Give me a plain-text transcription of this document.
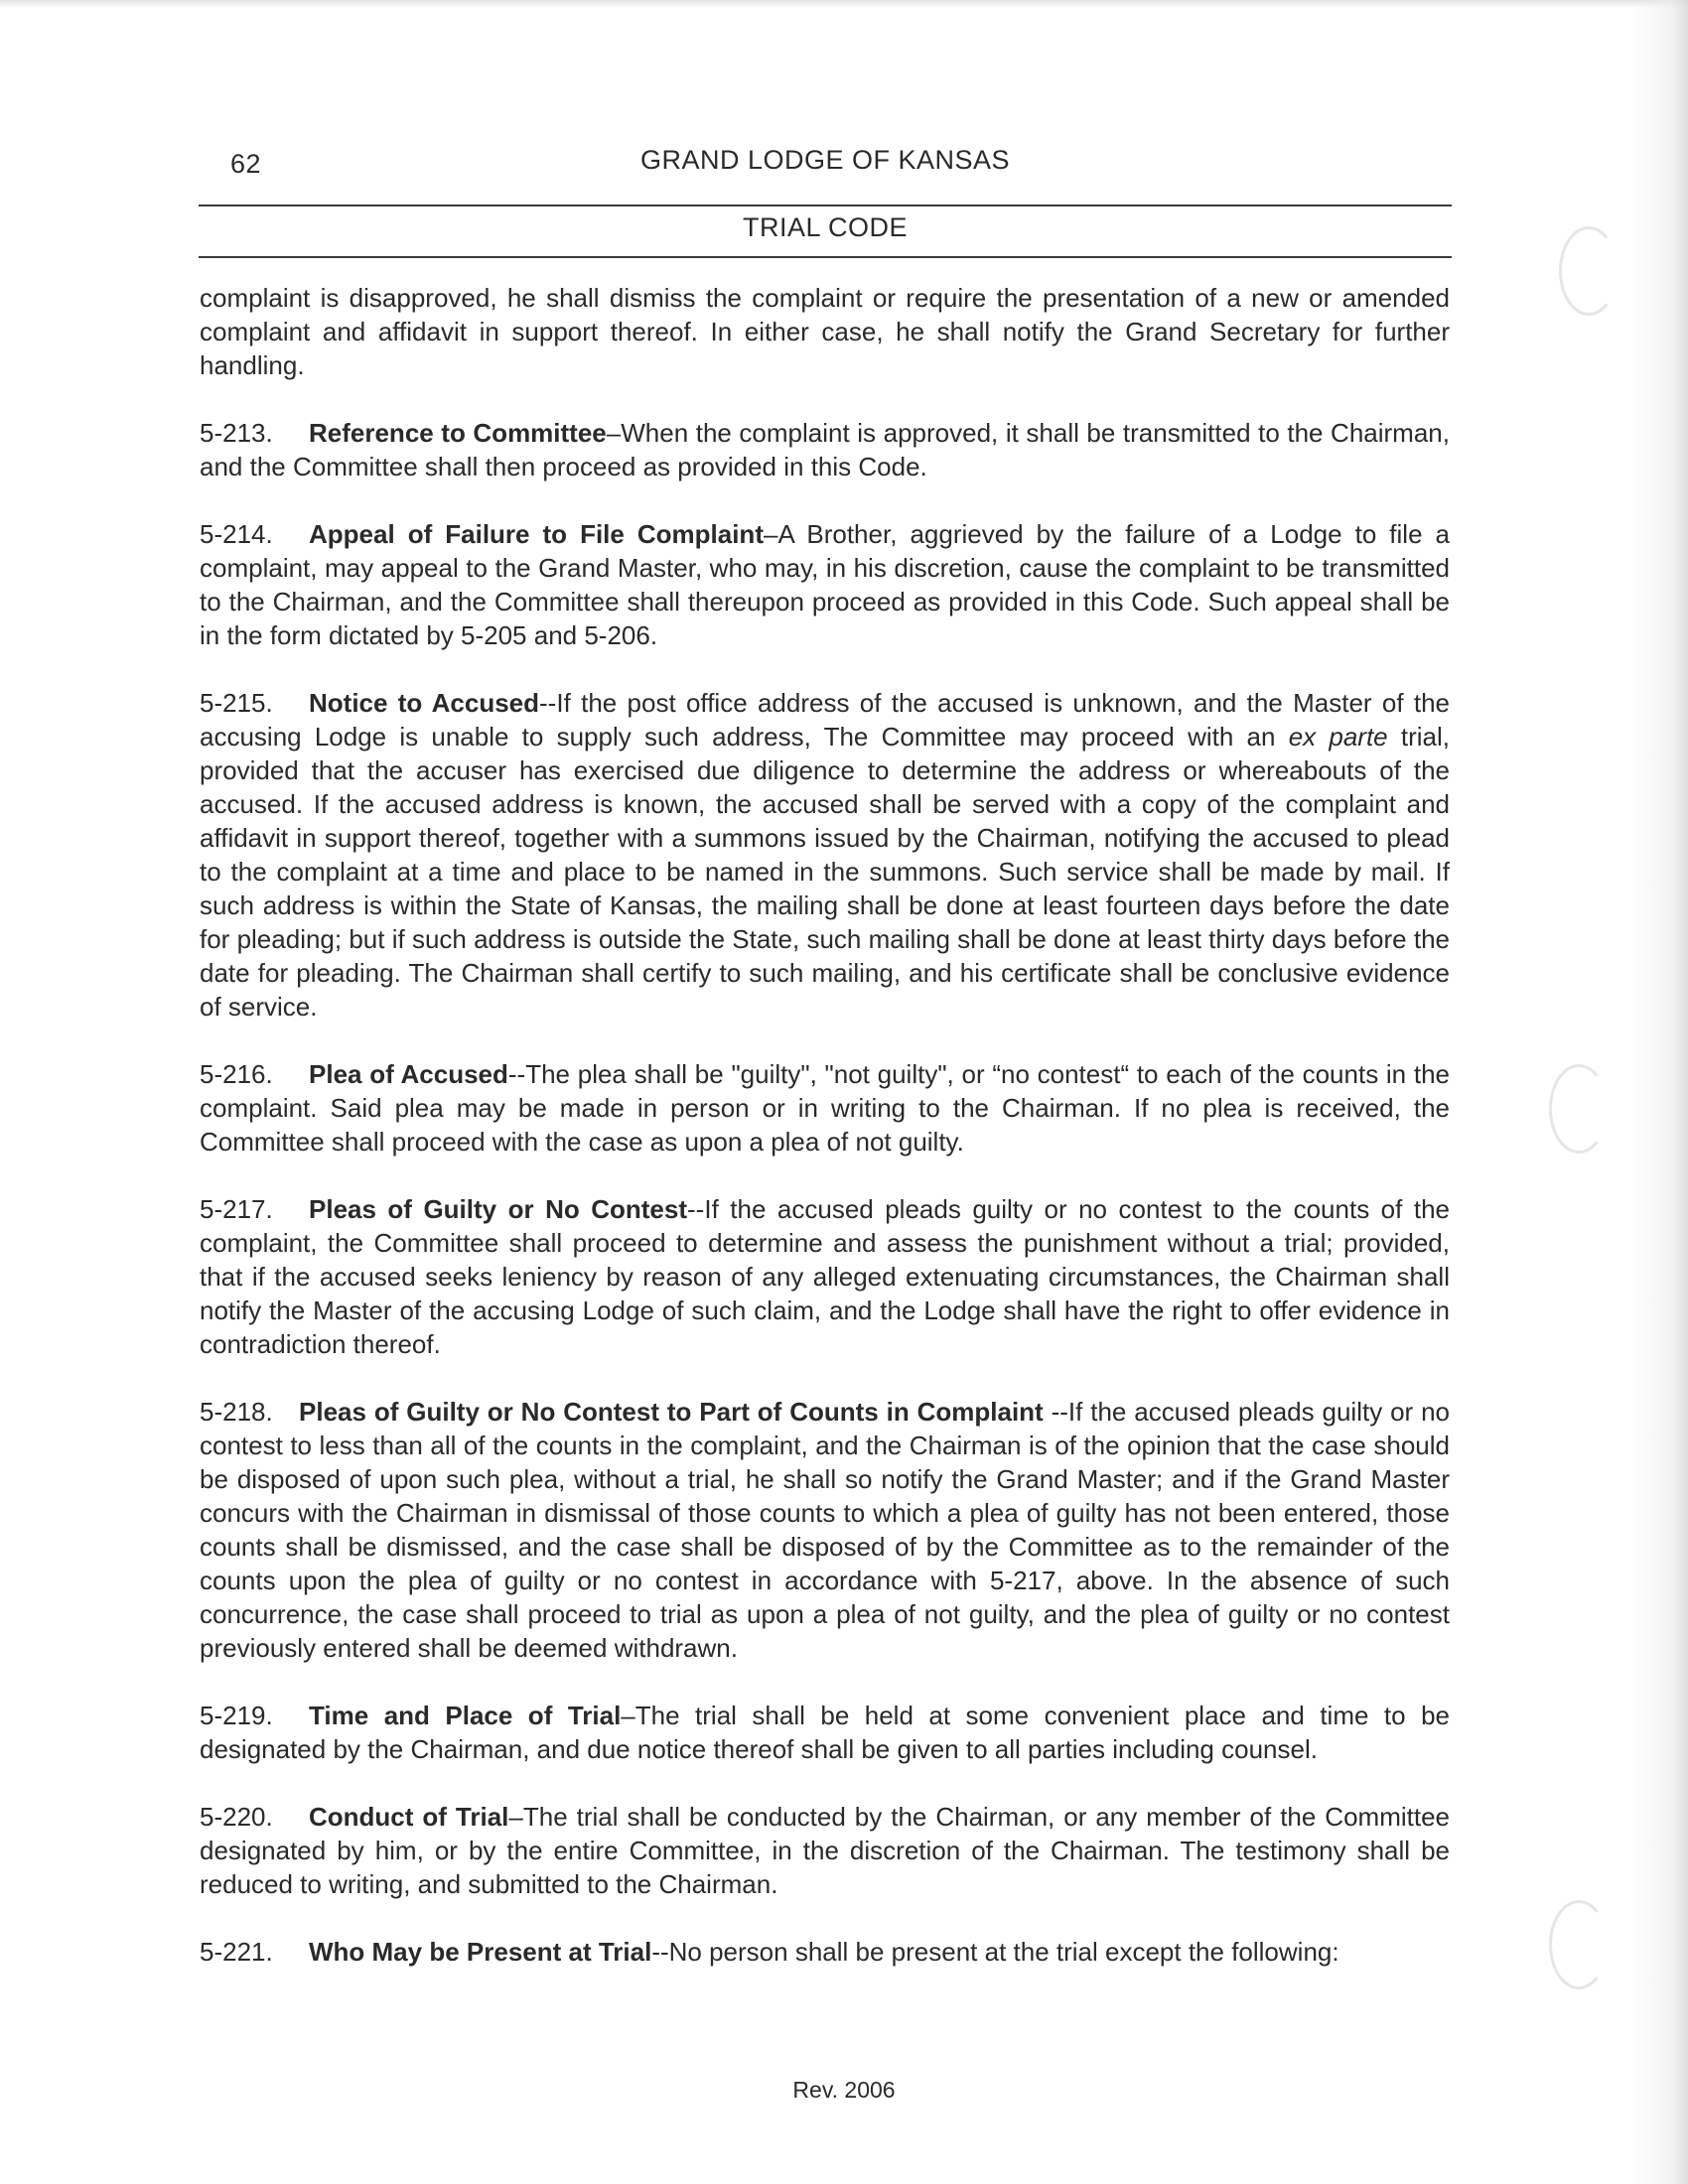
62	GRAND LODGE OF KANSAS
TRIAL CODE

complaint is disapproved, he shall dismiss the complaint or require the presentation of a new or amended complaint and affidavit in support thereof. In either case, he shall notify the Grand Secretary for further handling.

5-213. Reference to Committee–When the complaint is approved, it shall be transmitted to the Chairman, and the Committee shall then proceed as provided in this Code.

5-214. Appeal of Failure to File Complaint–A Brother, aggrieved by the failure of a Lodge to file a complaint, may appeal to the Grand Master, who may, in his discretion, cause the complaint to be transmitted to the Chairman, and the Committee shall thereupon proceed as provided in this Code. Such appeal shall be in the form dictated by 5-205 and 5-206.

5-215. Notice to Accused--If the post office address of the accused is unknown, and the Master of the accusing Lodge is unable to supply such address, The Committee may proceed with an ex parte trial, provided that the accuser has exercised due diligence to determine the address or whereabouts of the accused. If the accused address is known, the accused shall be served with a copy of the complaint and affidavit in support thereof, together with a summons issued by the Chairman, notifying the accused to plead to the complaint at a time and place to be named in the summons. Such service shall be made by mail. If such address is within the State of Kansas, the mailing shall be done at least fourteen days before the date for pleading; but if such address is outside the State, such mailing shall be done at least thirty days before the date for pleading. The Chairman shall certify to such mailing, and his certificate shall be conclusive evidence of service.

5-216. Plea of Accused--The plea shall be "guilty", "not guilty", or “no contest“ to each of the counts in the complaint. Said plea may be made in person or in writing to the Chairman. If no plea is received, the Committee shall proceed with the case as upon a plea of not guilty.

5-217. Pleas of Guilty or No Contest--If the accused pleads guilty or no contest to the counts of the complaint, the Committee shall proceed to determine and assess the punishment without a trial; provided, that if the accused seeks leniency by reason of any alleged extenuating circumstances, the Chairman shall notify the Master of the accusing Lodge of such claim, and the Lodge shall have the right to offer evidence in contradiction thereof.

5-218. Pleas of Guilty or No Contest to Part of Counts in Complaint --If the accused pleads guilty or no contest to less than all of the counts in the complaint, and the Chairman is of the opinion that the case should be disposed of upon such plea, without a trial, he shall so notify the Grand Master; and if the Grand Master concurs with the Chairman in dismissal of those counts to which a plea of guilty has not been entered, those counts shall be dismissed, and the case shall be disposed of by the Committee as to the remainder of the counts upon the plea of guilty or no contest in accordance with 5-217, above. In the absence of such concurrence, the case shall proceed to trial as upon a plea of not guilty, and the plea of guilty or no contest previously entered shall be deemed withdrawn.

5-219. Time and Place of Trial–The trial shall be held at some convenient place and time to be designated by the Chairman, and due notice thereof shall be given to all parties including counsel.

5-220. Conduct of Trial–The trial shall be conducted by the Chairman, or any member of the Committee designated by him, or by the entire Committee, in the discretion of the Chairman. The testimony shall be reduced to writing, and submitted to the Chairman.

5-221. Who May be Present at Trial--No person shall be present at the trial except the following:

Rev. 2006
